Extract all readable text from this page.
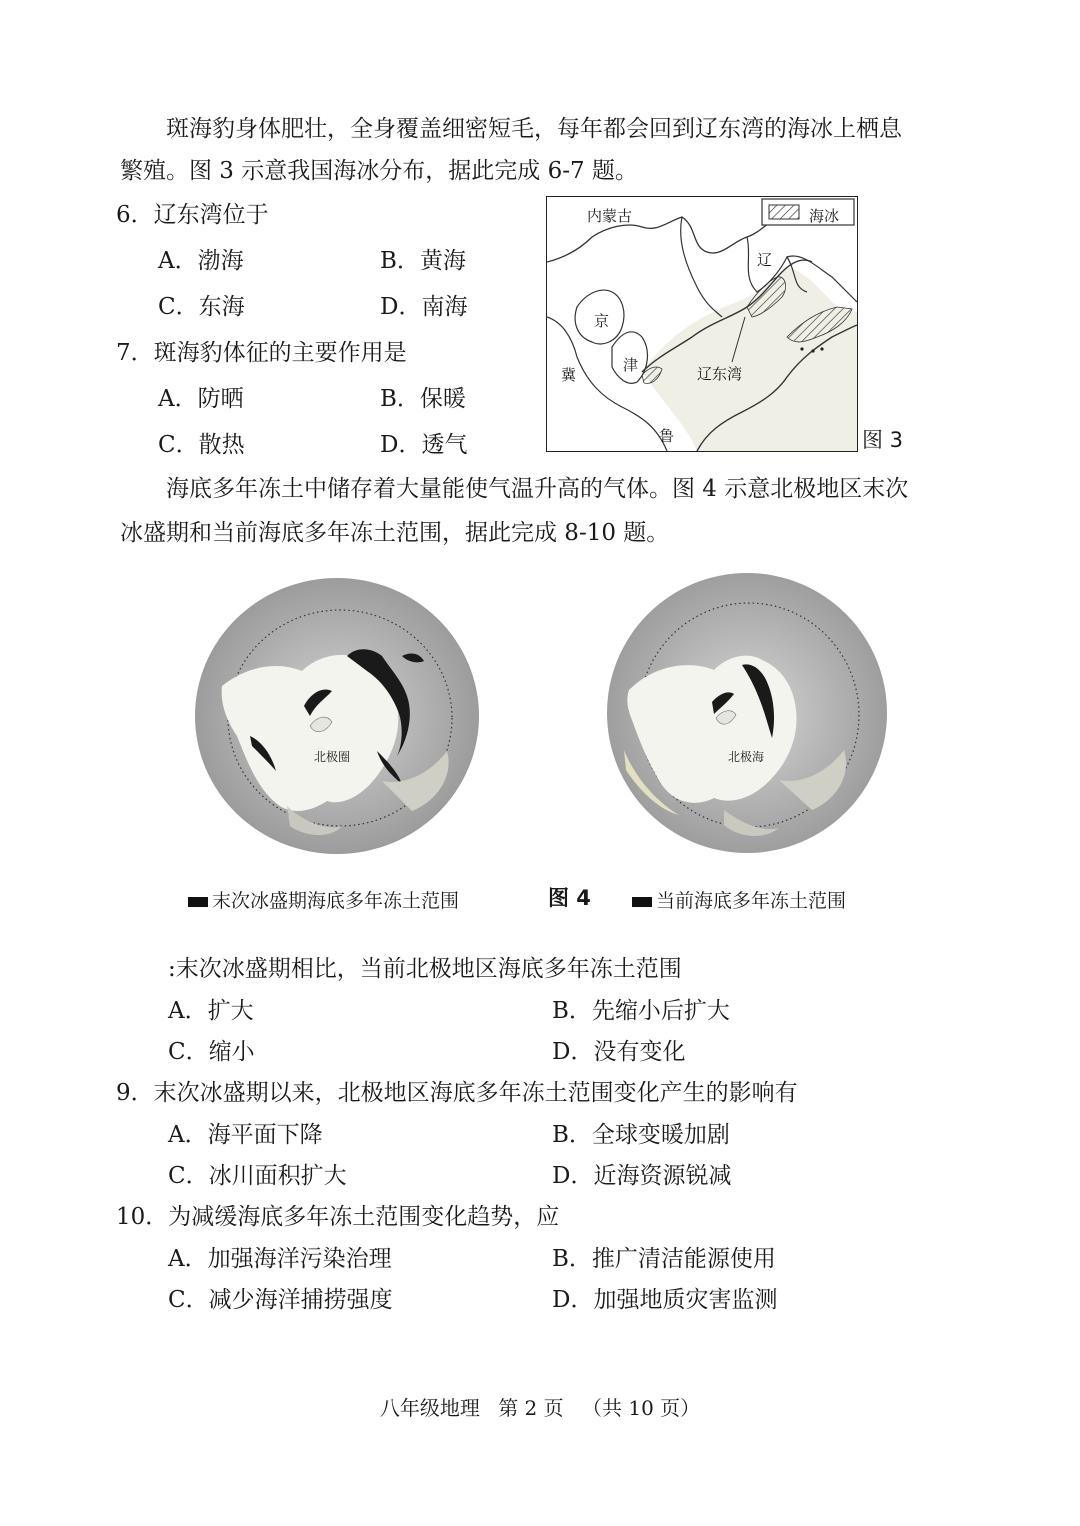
斑海豹身体肥壮，全身覆盖细密短毛，每年都会回到辽东湾的海冰上栖息
繁殖。图 3 示意我国海冰分布，据此完成 6-7 题。
6．辽东湾位于
A．渤海	B．黄海
C．东海	D．南海
7．斑海豹体征的主要作用是
A．防晒	B．保暖
C．散热	D．透气
内蒙古	海冰
辽
京
津
冀	辽东湾
鲁	图 3
海底多年冻土中储存着大量能使气温升高的气体。图 4 示意北极地区末次
冰盛期和当前海底多年冻土范围，据此完成 8-10 题。
北极圈	北极海
末次冰盛期海底多年冻土范围	图 4	当前海底多年冻土范围
:末次冰盛期相比，当前北极地区海底多年冻土范围
A．扩大	B．先缩小后扩大
C．缩小	D．没有变化
9．末次冰盛期以来，北极地区海底多年冻土范围变化产生的影响有
A．海平面下降	B．全球变暖加剧
C．冰川面积扩大	D．近海资源锐减
10．为减缓海底多年冻土范围变化趋势，应
A．加强海洋污染治理	B．推广清洁能源使用
C．减少海洋捕捞强度	D．加强地质灾害监测
八年级地理 第 2 页 （共 10 页）
